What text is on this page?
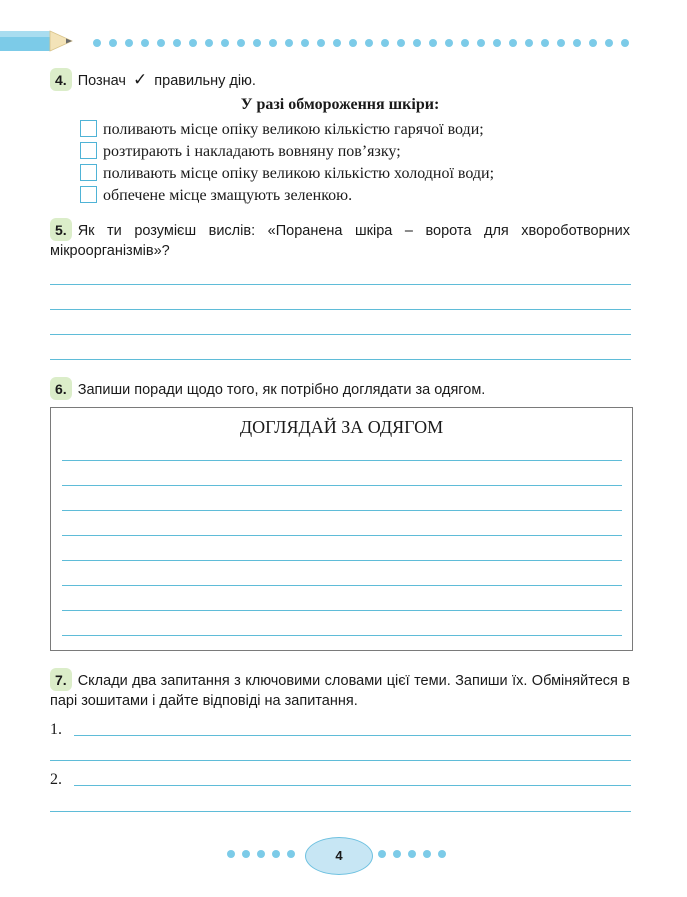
4. Познач ✓ правильну дію.
У разі обмороження шкіри:
поливають місце опіку великою кількістю гарячої води;
розтирають і накладають вовняну пов’язку;
поливають місце опіку великою кількістю холодної води;
обпечене місце змащують зеленкою.
5. Як ти розумієш вислів: «Поранена шкіра – ворота для хвороботворних мікроорганізмів»?
6. Запиши поради щодо того, як потрібно доглядати за одягом.
ДОГЛЯДАЙ ЗА ОДЯГОМ
7. Склади два запитання з ключовими словами цієї теми. Запиши їх. Обміняйтеся в парі зошитами і дайте відповіді на запитання.
1.
2.
4
